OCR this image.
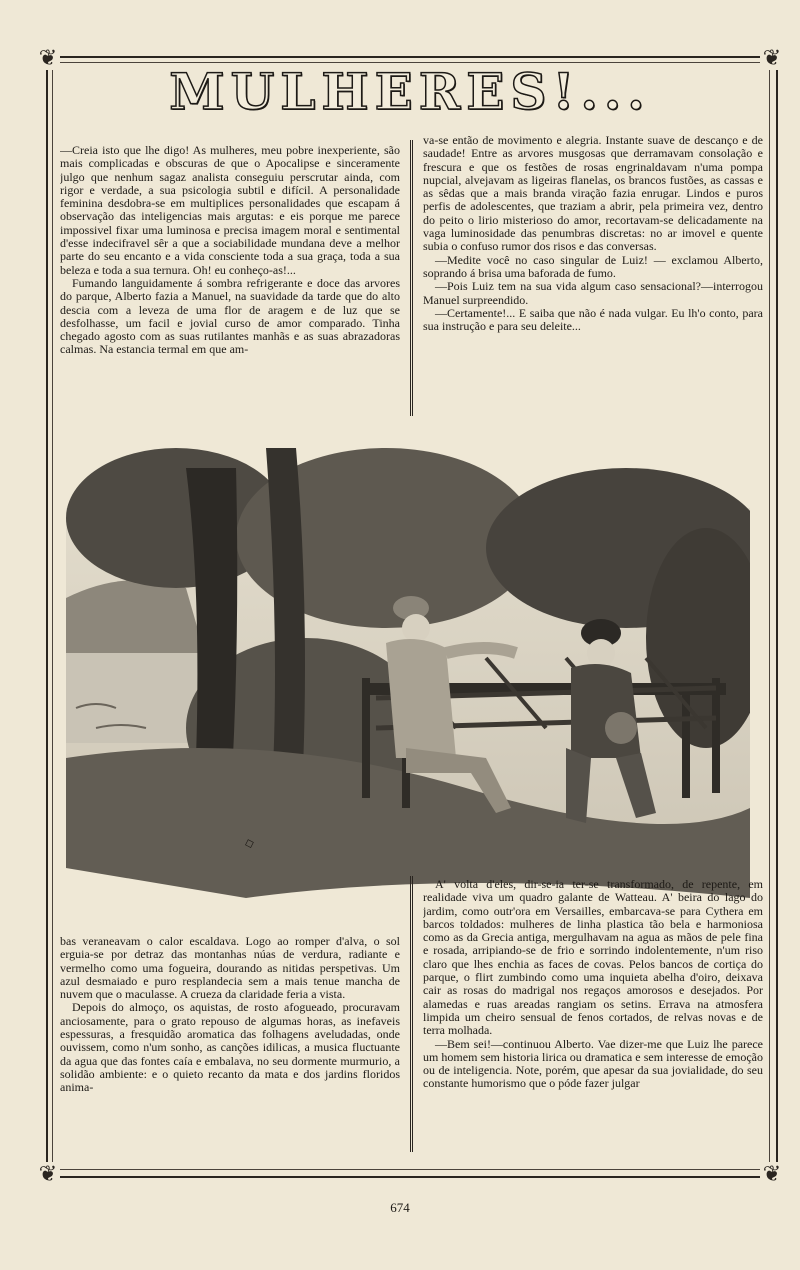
❦	❦
❦	❦
MULHERES!...

—Creia isto que lhe digo! As mulheres, meu pobre inexperiente, são mais complicadas e obscuras de que o Apocalipse e sinceramente julgo que nenhum sagaz analista conseguiu perscrutar ainda, com rigor e verdade, a sua psicologia subtil e difícil. A personalidade feminina desdobra-se em multiplices personalidades que escapam á observação das inteligencias mais argutas: e eis porque me parece impossivel fixar uma luminosa e precisa imagem moral e sentimental d'esse indecifravel sêr a que a sociabilidade mundana deve a melhor parte do seu encanto e a vida consciente toda a sua graça, toda a sua beleza e toda a sua ternura. Oh! eu conheço-as!...

Fumando languidamente á sombra refrigerante e doce das arvores do parque, Alberto fazia a Manuel, na suavidade da tarde que do alto descia com a leveza de uma flor de aragem e de luz que se desfolhasse, um facil e jovial curso de amor comparado. Tinha chegado agosto com as suas rutilantes manhãs e as suas abrazadoras calmas. Na estancia termal em que am-

va-se então de movimento e alegria. Instante suave de descanço e de saudade! Entre as arvores musgosas que derramavam consolação e frescura e que os festões de rosas engrinaldavam n'uma pompa nupcial, alvejavam as ligeiras flanelas, os brancos fustões, as cassas e as sêdas que a mais branda viração fazia enrugar. Lindos e puros perfis de adolescentes, que traziam a abrir, pela primeira vez, dentro do peito o lirio misterioso do amor, recortavam-se delicadamente na vaga luminosidade das penumbras discretas: no ar imovel e quente subia o confuso rumor dos risos e das conversas.

—Medite você no caso singular de Luiz! — exclamou Alberto, soprando á brisa uma baforada de fumo.

—Pois Luiz tem na sua vida algum caso sensacional?—interrogou Manuel surpreendido.

—Certamente!... E saiba que não é nada vulgar. Eu lh'o conto, para sua instrução e para seu deleite...

◇

bas veraneavam o calor escaldava. Logo ao romper d'alva, o sol erguia-se por detraz das montanhas núas de verdura, radiante e vermelho como uma fogueira, dourando as nitidas perspetivas. Um azul desmaiado e puro resplandecia sem a mais tenue mancha de nuvem que o maculasse. A crueza da claridade feria a vista.

Depois do almoço, os aquistas, de rosto afogueado, procuravam anciosamente, para o grato repouso de algumas horas, as inefaveis espessuras, a fresquidão aromatica das folhagens aveludadas, onde ouvissem, como n'um sonho, as canções idilicas, a musica fluctuante da agua que das fontes caía e embalava, no seu dormente murmurio, a solidão ambiente: e o quieto recanto da mata e dos jardins floridos anima-

A' volta d'eles, dir-se-ia ter-se transformado, de repente, em realidade viva um quadro galante de Watteau. A' beira do lago do jardim, como outr'ora em Versailles, embarcava-se para Cythera em barcos toldados: mulheres de linha plastica tão bela e harmoniosa como as da Grecia antiga, mergulhavam na agua as mãos de pele fina e rosada, arripiando-se de frio e sorrindo indolentemente, n'um riso claro que lhes enchia as faces de covas. Pelos bancos de cortiça do parque, o flirt zumbindo como uma inquieta abelha d'oiro, deixava cair as rosas do madrigal nos regaços amorosos e desejados. Por alamedas e ruas areadas rangiam os setins. Errava na atmosfera limpida um cheiro sensual de fenos cortados, de relvas novas e de terra molhada.

—Bem sei!—continuou Alberto. Vae dizer-me que Luiz lhe parece um homem sem historia lirica ou dramatica e sem interesse de emoção ou de inteligencia. Note, porém, que apesar da sua jovialidade, do seu constante humorismo que o póde fazer julgar

674
